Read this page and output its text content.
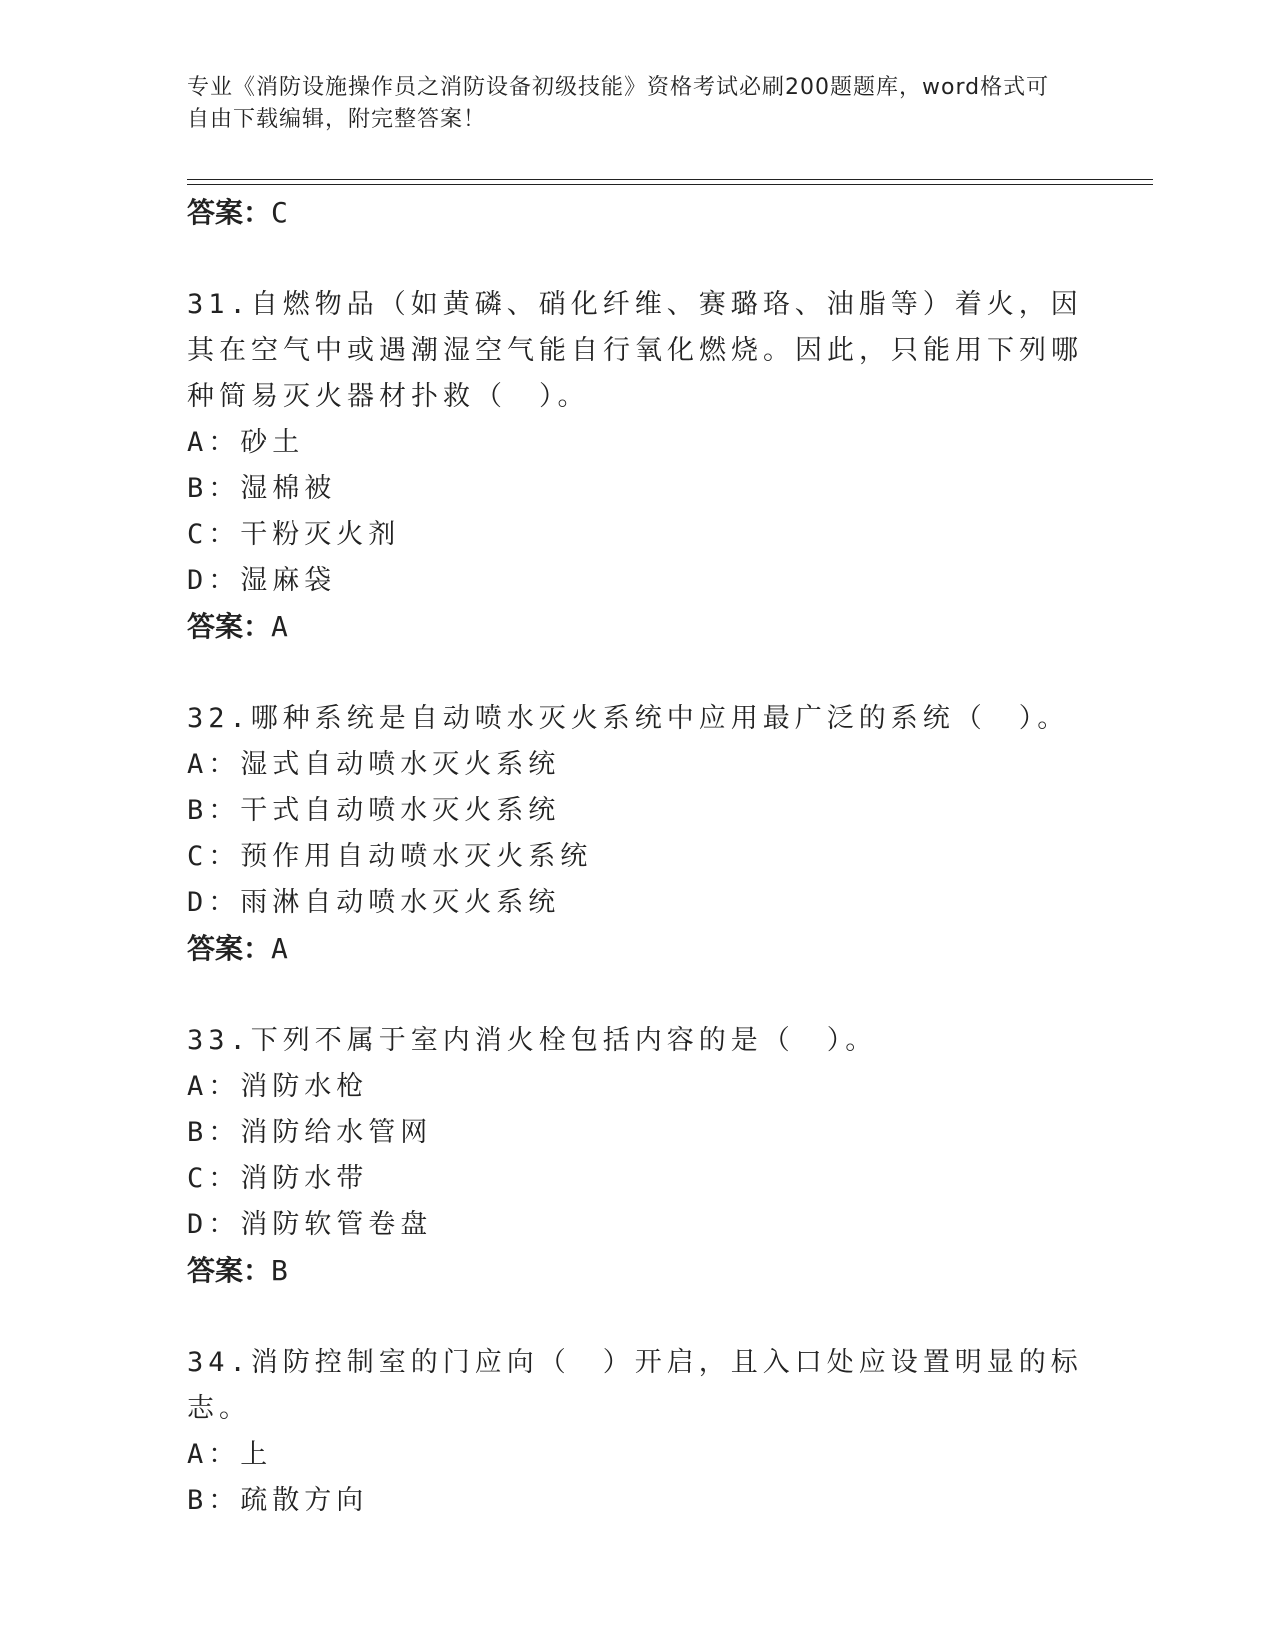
专业《消防设施操作员之消防设备初级技能》资格考试必刷200题题库，word格式可自由下载编辑，附完整答案！
答案：C
31.自燃物品（如黄磷、硝化纤维、赛璐珞、油脂等）着火，因其在空气中或遇潮湿空气能自行氧化燃烧。因此，只能用下列哪种简易灭火器材扑救（　）。
A：砂土
B：湿棉被
C：干粉灭火剂
D：湿麻袋
答案：A
32.哪种系统是自动喷水灭火系统中应用最广泛的系统（　）。
A：湿式自动喷水灭火系统
B：干式自动喷水灭火系统
C：预作用自动喷水灭火系统
D：雨淋自动喷水灭火系统
答案：A
33.下列不属于室内消火栓包括内容的是（　）。
A：消防水枪
B：消防给水管网
C：消防水带
D：消防软管卷盘
答案：B
34.消防控制室的门应向（　）开启，且入口处应设置明显的标志。
A：上
B：疏散方向
